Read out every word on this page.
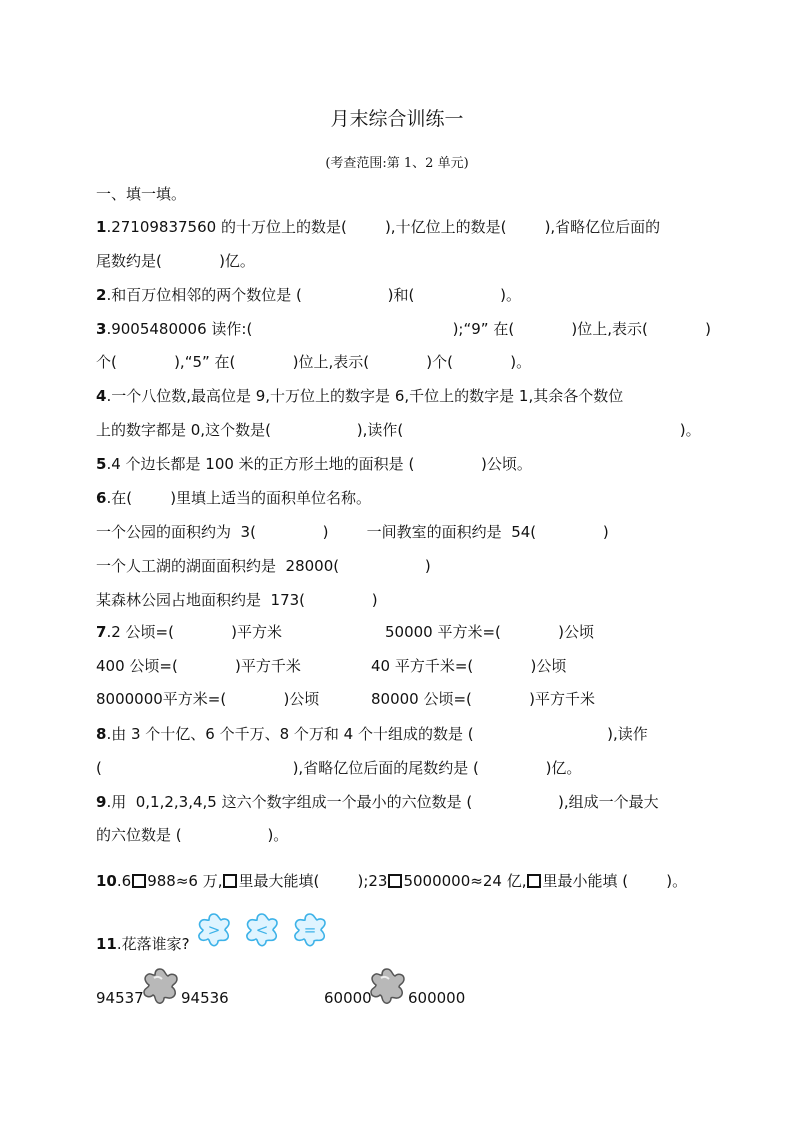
月末综合训练一
(考查范围:第 1、2 单元)
一、填一填。
1.27109837560 的十万位上的数是(        ),十亿位上的数是(        ),省略亿位后面的
尾数约是(            )亿。
2.和百万位相邻的两个数位是 (                  )和(                  )。
3.9005480006 读作:(                                          );“9” 在(            )位上,表示(            )
个(            ),“5” 在(            )位上,表示(            )个(            )。
4.一个八位数,最高位是 9,十万位上的数字是 6,千位上的数字是 1,其余各个数位
上的数字都是 0,这个数是(                  ),读作(                                                          )。
5.4 个边长都是 100 米的正方形土地的面积是 (              )公顷。
6.在(        )里填上适当的面积单位名称。
一个公园的面积约为  3(              )        一间教室的面积约是  54(              )
一个人工湖的湖面面积约是  28000(                  )
某森林公园占地面积约是  173(              )
7.2 公顷=(            )平方米	50000 平方米=(            )公顷
400 公顷=(            )平方千米	40 平方千米=(            )公顷
8000000平方米=(            )公顷	80000 公顷=(            )平方千米
8.由 3 个十亿、6 个千万、8 个万和 4 个十组成的数是 (                            ),读作
(                                        ),省略亿位后面的尾数约是 (              )亿。
9.用  0,1,2,3,4,5 这六个数字组成一个最小的六位数是 (                  ),组成一个最大
的六位数是 (                  )。
10.6 988≈6 万, 里最大能填(        );23 5000000≈24 亿, 里最小能填 (        )。
11.花落谁家?
> < =
94537 94536	60000 600000
